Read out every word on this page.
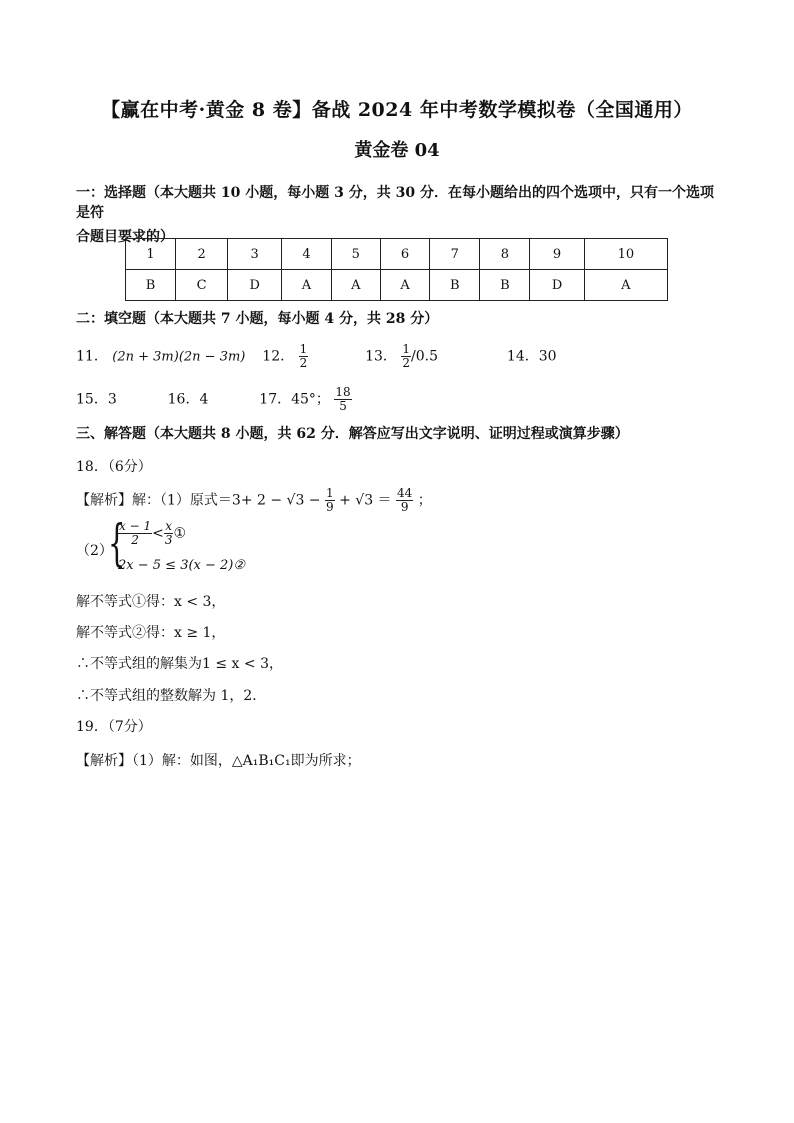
【赢在中考·黄金 8 卷】备战 2024 年中考数学模拟卷（全国通用）
黄金卷 04
一：选择题（本大题共 10 小题，每小题 3 分，共 30 分．在每小题给出的四个选项中，只有一个选项是符
合题目要求的）
1	2	3	4	5	6	7	8	9	10
B	C	D	A	A	A	B	B	D	A
二：填空题（本大题共 7 小题，每小题 4 分，共 28 分）
11． (2n + 3m)(2n − 3m) 12． $\frac{1}{2}$	13． $\frac{1}{2} /0.5$	14．30
15．3	16．4	17．45°； $\frac{18}{5}$
三、解答题（本大题共 8 小题，共 62 分．解答应写出文字说明、证明过程或演算步骤）
18．（6分）
【解析】解：（1）原式$=3+ 2 - √3 - \frac{1}{9} + √3 = \frac{44}{9}$ ；
（2）
{
$\frac{x - 1}{2} < \frac{x}{3}$ ①
2x − 5 ≤ 3(x − 2)②
解不等式①得：x < 3，
解不等式②得：x ≥ 1，
∴不等式组的解集为1 ≤ x < 3，
∴不等式组的整数解为 1，2．
19．（7分）
【解析】（1）解：如图，△A₁B₁C₁即为所求；
